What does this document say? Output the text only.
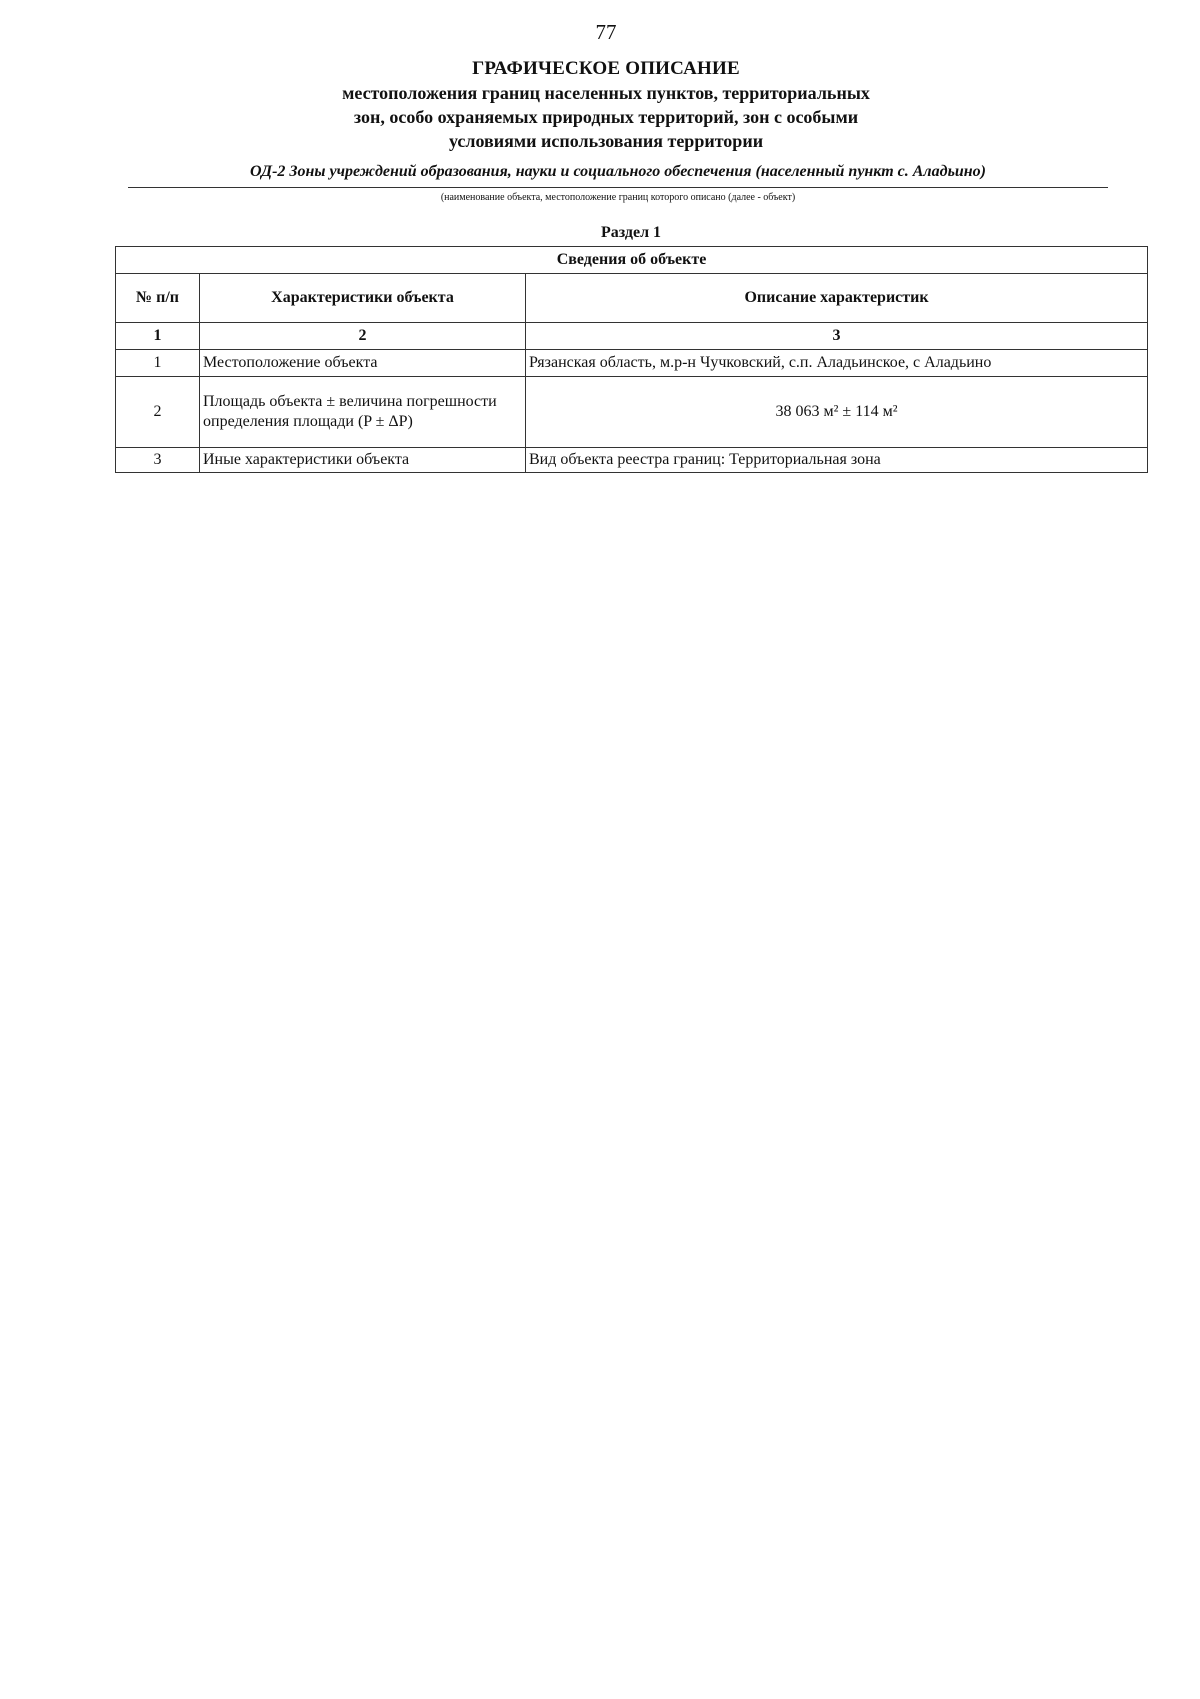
77
ГРАФИЧЕСКОЕ ОПИСАНИЕ
местоположения границ населенных пунктов, территориальных
зон, особо охраняемых природных территорий, зон с особыми
условиями использования территории
ОД-2 Зоны учреждений образования, науки и социального обеспечения (населенный пункт с. Аладьино)
(наименование объекта, местоположение границ которого описано (далее - объект)
Раздел 1
Сведения об объекте		
№ п/п	Характеристики объекта	Описание характеристик
1	2	3
1	Местоположение объекта	Рязанская область, м.р-н Чучковский, с.п. Аладьинское, с Аладьино
2	Площадь объекта ± величина погрешности определения площади (P ± ΔP)	38 063 м² ± 114 м²
3	Иные характеристики объекта	Вид объекта реестра границ: Территориальная зона
